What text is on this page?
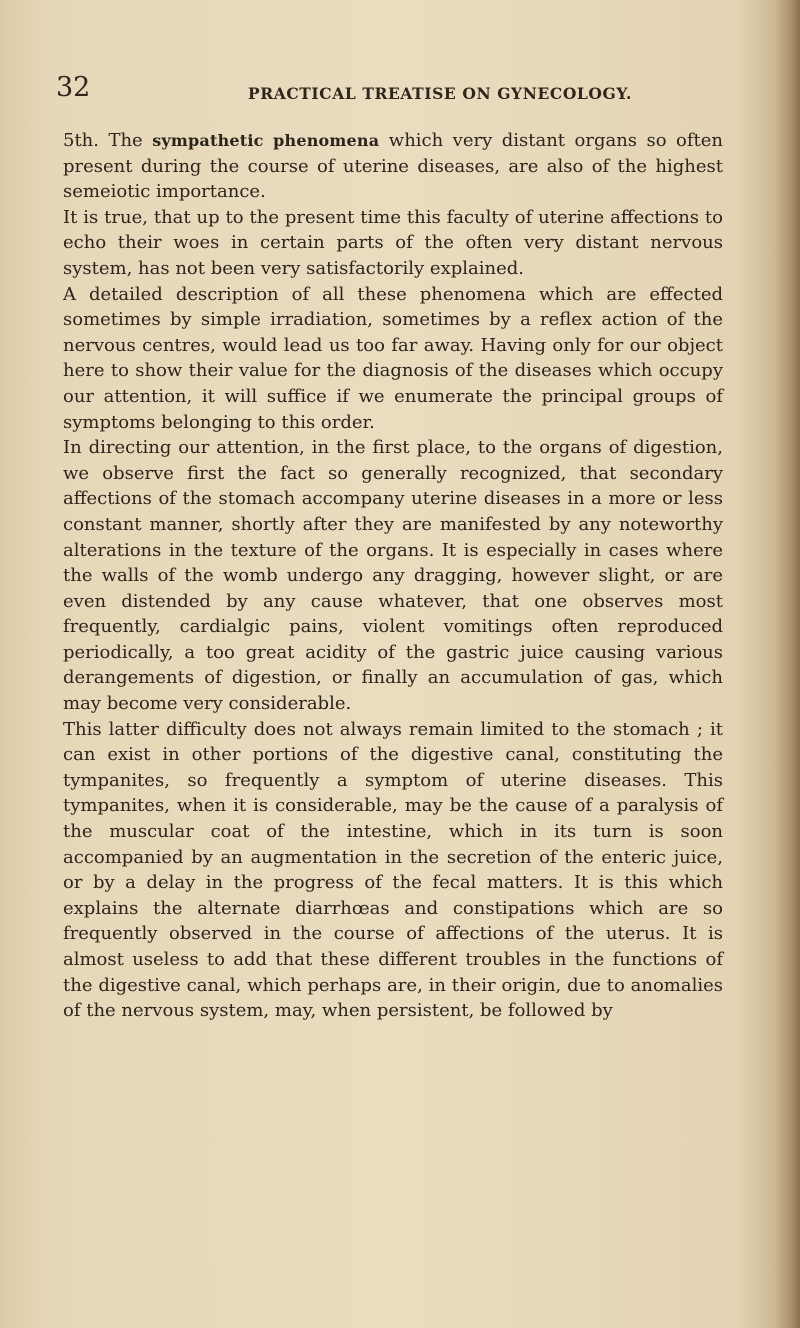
32	PRACTICAL TREATISE ON GYNECOLOGY.

5th. The sympathetic phenomena which very distant organs so often present during the course of uterine diseases, are also of the highest semeiotic importance.

It is true, that up to the present time this faculty of uterine affections to echo their woes in certain parts of the often very distant nervous system, has not been very satisfactorily explained.

A detailed description of all these phenomena which are effected sometimes by simple irradiation, sometimes by a reflex action of the nervous centres, would lead us too far away. Having only for our object here to show their value for the diagnosis of the diseases which occupy our attention, it will suffice if we enumerate the principal groups of symptoms belonging to this order.

In directing our attention, in the first place, to the organs of digestion, we observe first the fact so generally recognized, that secondary affections of the stomach accompany uterine diseases in a more or less constant manner, shortly after they are manifested by any noteworthy alterations in the texture of the organs. It is especially in cases where the walls of the womb undergo any dragging, however slight, or are even distended by any cause whatever, that one observes most frequently, cardialgic pains, violent vomitings often reproduced periodically, a too great acidity of the gastric juice causing various derangements of digestion, or finally an accumulation of gas, which may become very considerable.

This latter difficulty does not always remain limited to the stomach ; it can exist in other portions of the digestive canal, constituting the tympanites, so frequently a symptom of uterine diseases. This tympanites, when it is considerable, may be the cause of a paralysis of the muscular coat of the intestine, which in its turn is soon accompanied by an augmentation in the secretion of the enteric juice, or by a delay in the progress of the fecal matters. It is this which explains the alternate diarrhœas and constipations which are so frequently observed in the course of affections of the uterus. It is almost useless to add that these different troubles in the functions of the digestive canal, which perhaps are, in their origin, due to anomalies of the nervous system, may, when persistent, be followed by
